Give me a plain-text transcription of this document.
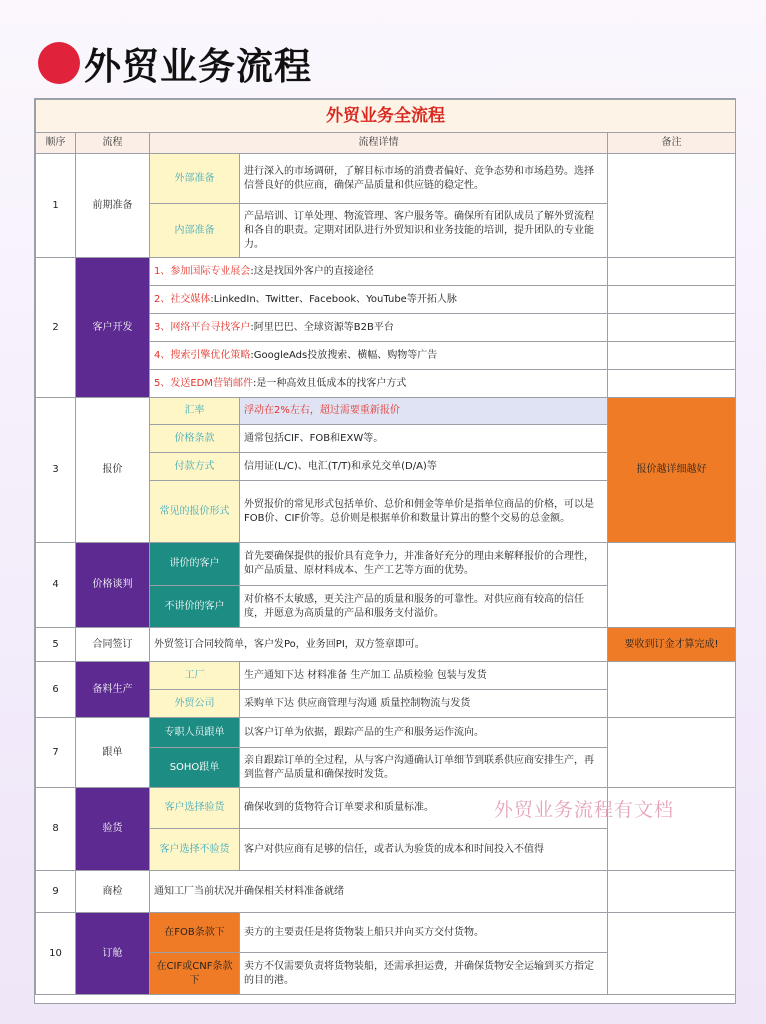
外贸业务流程
外贸业务全流程				
顺序	流程	流程详情		备注
1	前期准备	外部准备	进行深入的市场调研，了解目标市场的消费者偏好、竞争态势和市场趋势。选择信誉良好的供应商，确保产品质量和供应链的稳定性。	
		内部准备	产品培训、订单处理、物流管理、客户服务等。确保所有团队成员了解外贸流程和各自的职责。定期对团队进行外贸知识和业务技能的培训，提升团队的专业能力。	
2	客户开发	1、参加国际专业展会:这是找国外客户的直接途径		
		2、社交媒体:LinkedIn、Twitter、Facebook、YouTube等开拓人脉		
		3、网络平台寻找客户:阿里巴巴、全球资源等B2B平台		
		4、搜索引擎优化策略:GoogleAds投放搜索、横幅、购物等广告		
		5、发送EDM营销邮件:是一种高效且低成本的找客户方式		
3	报价	汇率	浮动在2%左右，超过需要重新报价	报价越详细越好
		价格条款	通常包括CIF、FOB和EXW等。	
		付款方式	信用证(L/C)、电汇(T/T)和承兑交单(D/A)等	
		常见的报价形式	外贸报价的常见形式包括单价、总价和佣金等单价是指单位商品的价格，可以是FOB价、CIF价等。总价则是根据单价和数量计算出的整个交易的总金额。	
4	价格谈判	讲价的客户	首先要确保提供的报价具有竞争力，并准备好充分的理由来解释报价的合理性，如产品质量、原材料成本、生产工艺等方面的优势。	
		不讲价的客户	对价格不太敏感，更关注产品的质量和服务的可靠性。对供应商有较高的信任度，并愿意为高质量的产品和服务支付溢价。	
5	合同签订	外贸签订合同较简单，客户发Po，业务回PI，双方签章即可。		要收到订金才算完成!
6	备料生产	工厂	生产通知下达 材料准备 生产加工 品质检验 包装与发货	
		外贸公司	采购单下达 供应商管理与沟通 质量控制物流与发货	
7	跟单	专职人员跟单	以客户订单为依据，跟踪产品的生产和服务运作流向。	
		SOHO跟单	亲自跟踪订单的全过程，从与客户沟通确认订单细节到联系供应商安排生产，再到监督产品质量和确保按时发货。	
8	验货	客户选择验货	确保收到的货物符合订单要求和质量标准。	
		客户选择不验货	客户对供应商有足够的信任，或者认为验货的成本和时间投入不值得	
9	商检	通知工厂当前状况并确保相关材料准备就绪		
10	订舱	在FOB条款下	卖方的主要责任是将货物装上船只并向买方交付货物。	
		在CIF或CNF条款下	卖方不仅需要负责将货物装船，还需承担运费，并确保货物安全运输到买方指定的目的港。	
外贸业务流程有文档
